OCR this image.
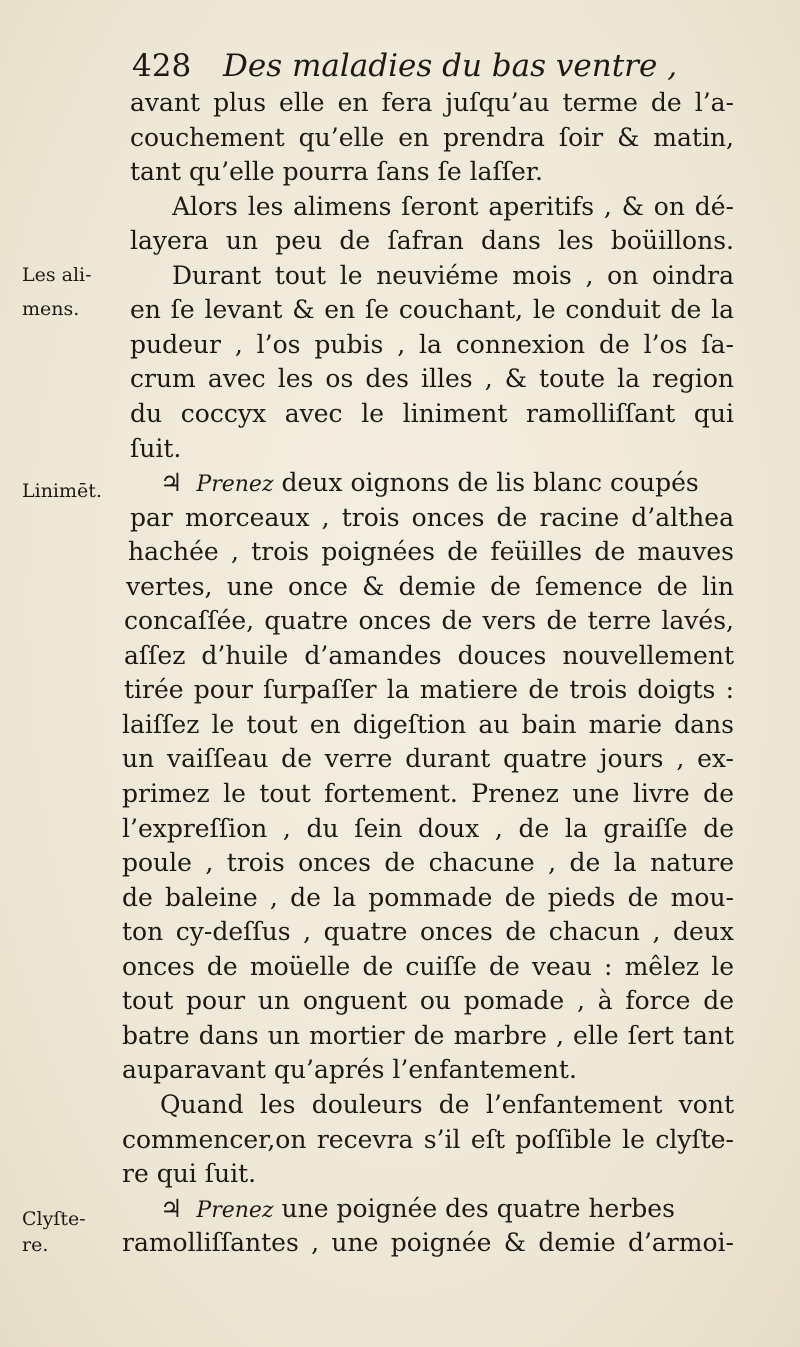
428 Des maladies du bas ventre ,
Les ali-
mens.
Linimēt.
Clyſte-
re.
avant plus elle en fera juſqu’au terme de l’a-
couchement qu’elle en prendra ſoir & matin,
tant qu’elle pourra ſans ſe laſſer.
Alors les alimens ſeront aperitifs , & on dé-
layera un peu de ſafran dans les boüillons.
Durant tout le neuviéme mois , on oindra
en ſe levant & en ſe couchant, le conduit de la
pudeur , l’os pubis , la connexion de l’os ſa-
crum avec les os des illes , & toute la region
du coccyx avec le liniment ramolliſſant qui
ſuit.
♃ Prenez deux oignons de lis blanc coupés
par morceaux , trois onces de racine d’althea
hachée , trois poignées de feüilles de mauves
vertes, une once & demie de ſemence de lin
concaſſée, quatre onces de vers de terre lavés,
aſſez d’huile d’amandes douces nouvellement
tirée pour ſurpaſſer la matiere de trois doigts :
laiſſez le tout en digeſtion au bain marie dans
un vaiſſeau de verre durant quatre jours , ex-
primez le tout fortement. Prenez une livre de
l’expreſſion , du ſein doux , de la graiſſe de
poule , trois onces de chacune , de la nature
de baleine , de la pommade de pieds de mou-
ton cy-deſſus , quatre onces de chacun , deux
onces de moüelle de cuiſſe de veau : mêlez le
tout pour un onguent ou pomade , à force de
batre dans un mortier de marbre , elle ſert tant
auparavant qu’aprés l’enfantement.
Quand les douleurs de l’enfantement vont
commencer,on recevra s’il eſt poſſible le clyſte-
re qui ſuit.
♃ Prenez une poignée des quatre herbes
ramolliſſantes , une poignée & demie d’armoi-
